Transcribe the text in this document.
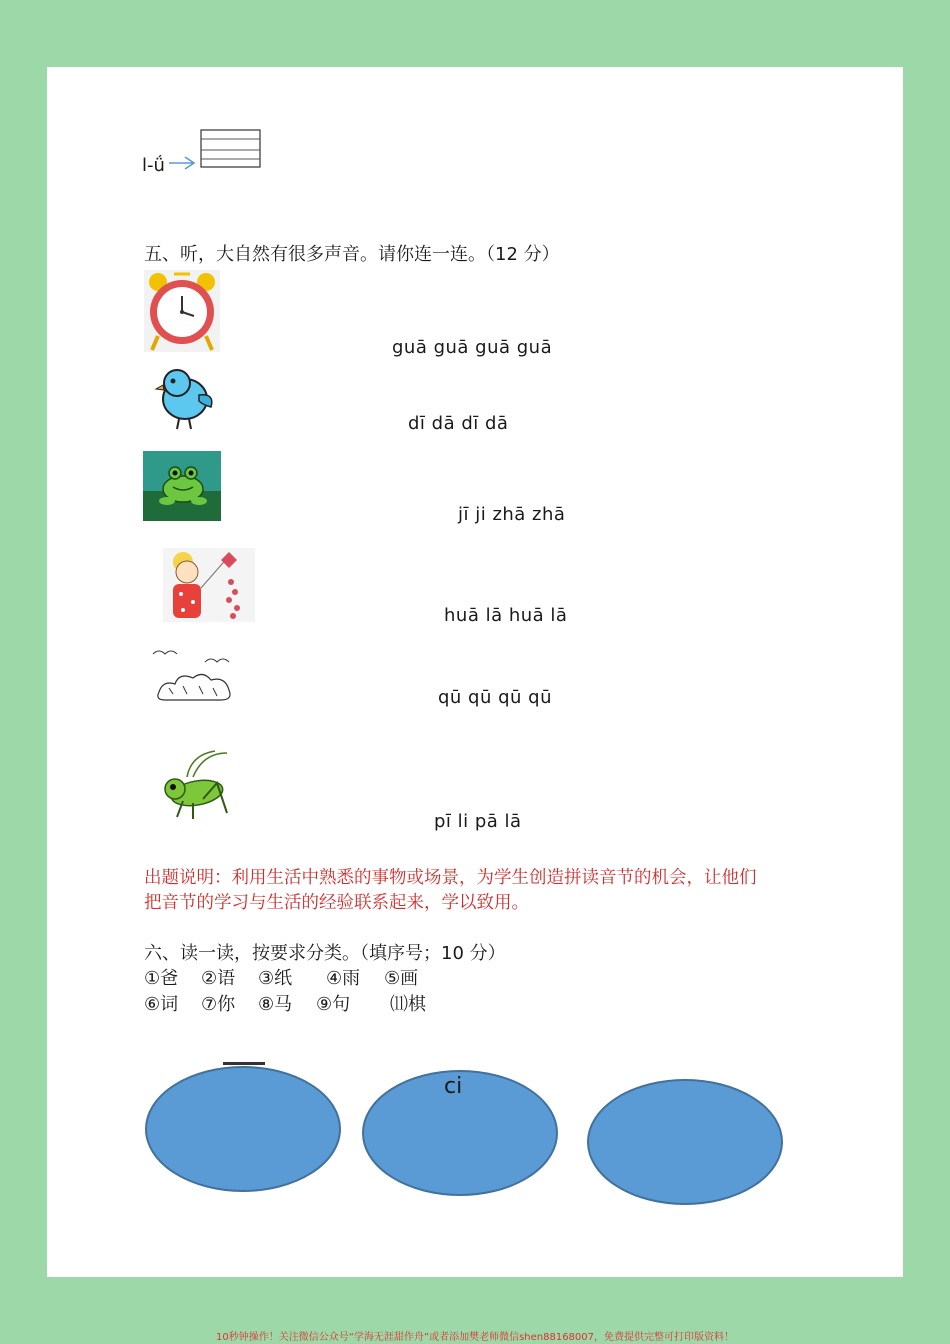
l-ǘ
五、听，大自然有很多声音。请你连一连。（12 分）
guā guā guā guā
dī dā dī dā
jī ji zhā zhā
huā lā huā lā
qū qū qū qū
pī li pā lā
出题说明：利用生活中熟悉的事物或场景，为学生创造拼读音节的机会，让他们
把音节的学习与生活的经验联系起来，学以致用。
六、读一读，按要求分类。（填序号；10 分）
①爸 ②语 ③纸 ④雨 ⑤画
⑥词 ⑦你 ⑧马 ⑨句 ⑾棋
ci
10秒钟操作！关注微信公众号“学海无涯甜作舟”或者添加樊老师微信shen88168007，免费提供完整可打印版资料！
